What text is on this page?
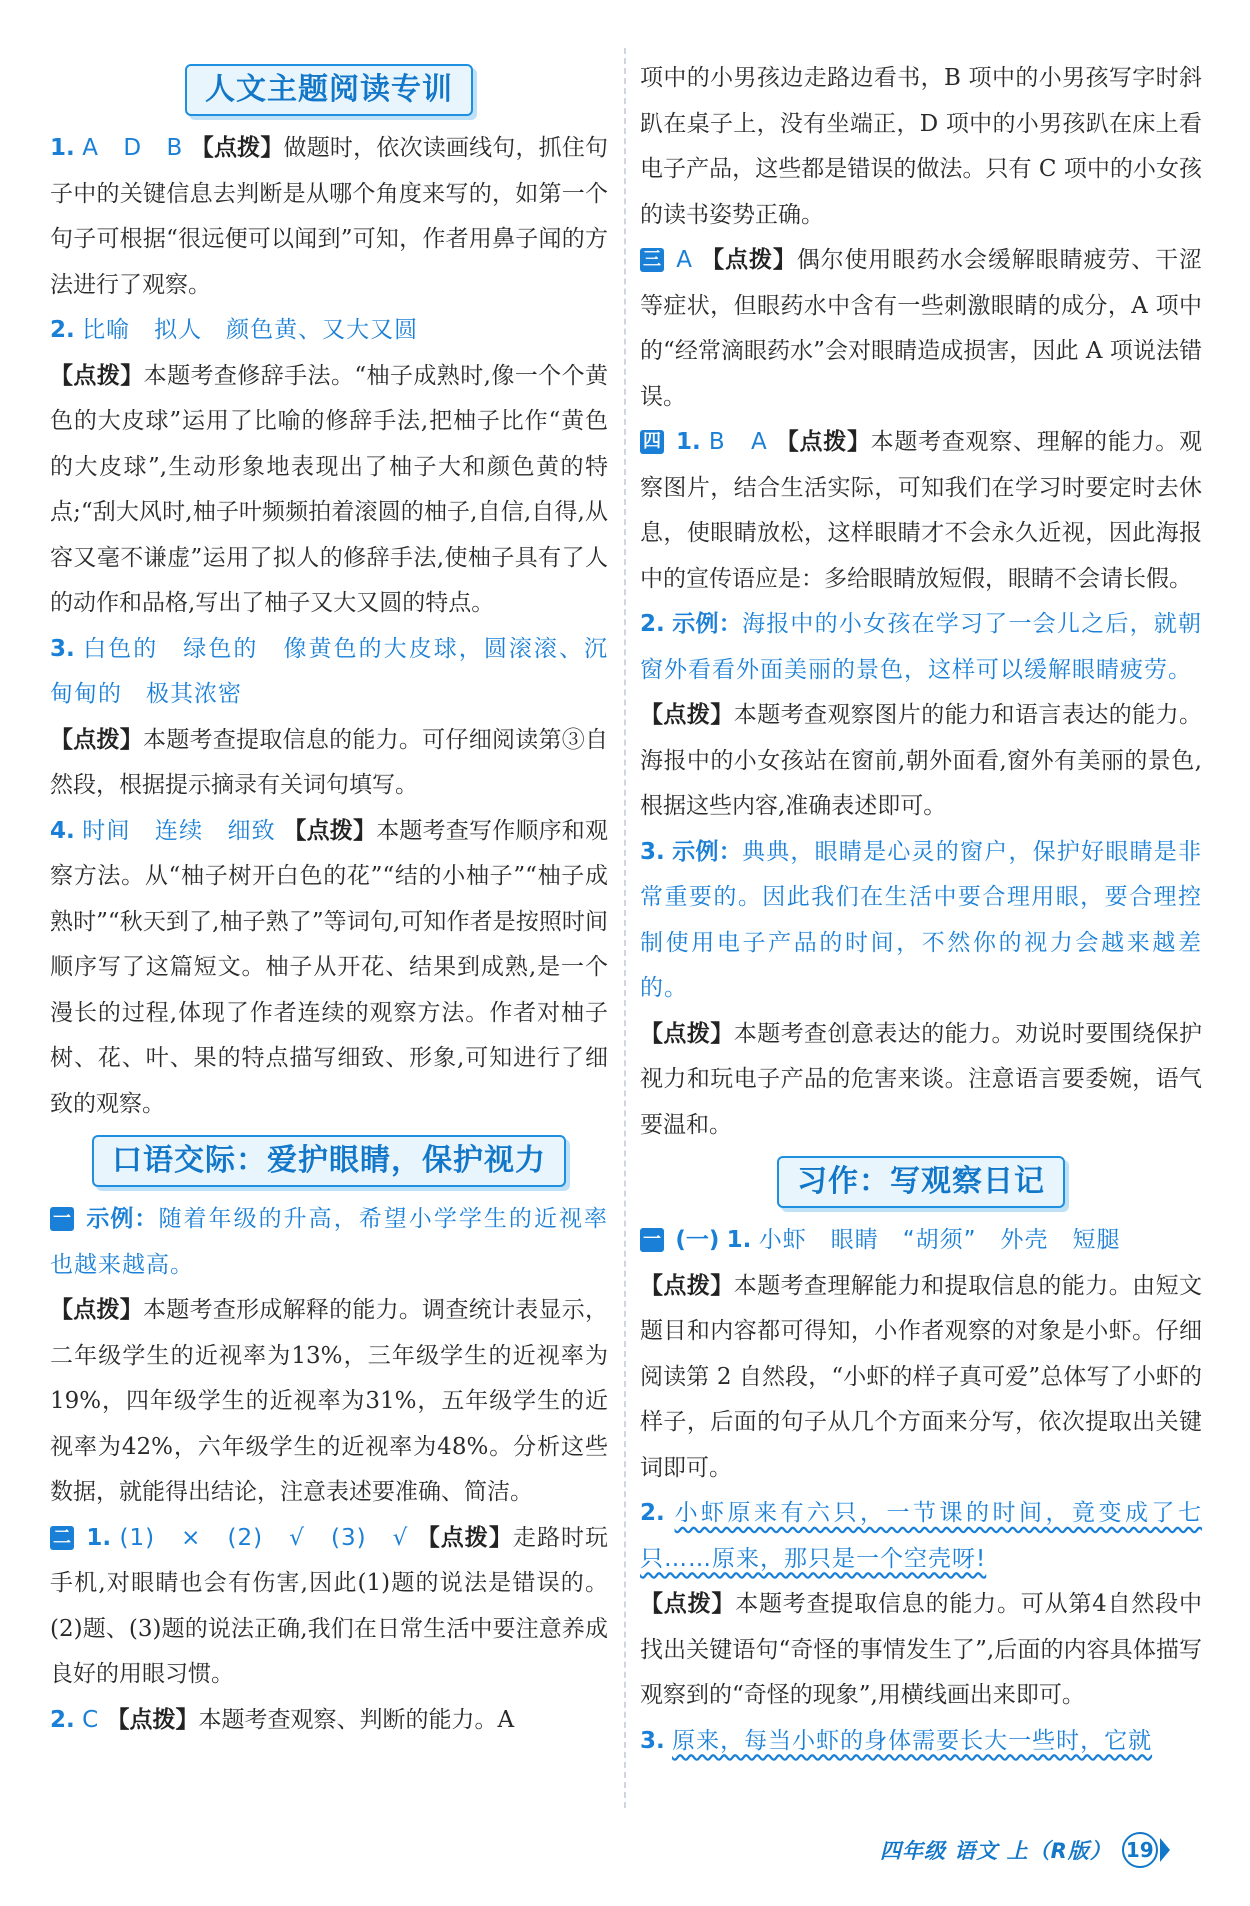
人文主题阅读专训

1. A　D　B 【点拨】做题时，依次读画线句，抓住句子中的关键信息去判断是从哪个角度来写的，如第一个句子可根据“很远便可以闻到”可知，作者用鼻子闻的方法进行了观察。

2. 比喻　拟人　颜色黄、又大又圆

【点拨】本题考查修辞手法。“柚子成熟时,像一个个黄色的大皮球”运用了比喻的修辞手法,把柚子比作“黄色的大皮球”,生动形象地表现出了柚子大和颜色黄的特点;“刮大风时,柚子叶频频拍着滚圆的柚子,自信,自得,从容又毫不谦虚”运用了拟人的修辞手法,使柚子具有了人的动作和品格,写出了柚子又大又圆的特点。

3. 白色的　绿色的　像黄色的大皮球，圆滚滚、沉甸甸的　极其浓密

【点拨】本题考查提取信息的能力。可仔细阅读第③自然段，根据提示摘录有关词句填写。

4. 时间　连续　细致 【点拨】本题考查写作顺序和观察方法。从“柚子树开白色的花”“结的小柚子”“柚子成熟时”“秋天到了,柚子熟了”等词句,可知作者是按照时间顺序写了这篇短文。柚子从开花、结果到成熟,是一个漫长的过程,体现了作者连续的观察方法。作者对柚子树、花、叶、果的特点描写细致、形象,可知进行了细致的观察。

口语交际：爱护眼睛，保护视力

一 示例：随着年级的升高，希望小学学生的近视率也越来越高。

【点拨】本题考查形成解释的能力。调查统计表显示，二年级学生的近视率为13%，三年级学生的近视率为19%，四年级学生的近视率为31%，五年级学生的近视率为42%，六年级学生的近视率为48%。分析这些数据，就能得出结论，注意表述要准确、简洁。

二 1. (1)　×　(2)　√　(3)　√ 【点拨】走路时玩手机,对眼睛也会有伤害,因此(1)题的说法是错误的。(2)题、(3)题的说法正确,我们在日常生活中要注意养成良好的用眼习惯。

2. C 【点拨】本题考查观察、判断的能力。A

项中的小男孩边走路边看书，B 项中的小男孩写字时斜趴在桌子上，没有坐端正，D 项中的小男孩趴在床上看电子产品，这些都是错误的做法。只有 C 项中的小女孩的读书姿势正确。

三 A 【点拨】偶尔使用眼药水会缓解眼睛疲劳、干涩等症状，但眼药水中含有一些刺激眼睛的成分，A 项中的“经常滴眼药水”会对眼睛造成损害，因此 A 项说法错误。

四 1. B　A 【点拨】本题考查观察、理解的能力。观察图片，结合生活实际，可知我们在学习时要定时去休息，使眼睛放松，这样眼睛才不会永久近视，因此海报中的宣传语应是：多给眼睛放短假，眼睛不会请长假。

2. 示例：海报中的小女孩在学习了一会儿之后，就朝窗外看看外面美丽的景色，这样可以缓解眼睛疲劳。

【点拨】本题考查观察图片的能力和语言表达的能力。海报中的小女孩站在窗前,朝外面看,窗外有美丽的景色,根据这些内容,准确表述即可。

3. 示例：典典，眼睛是心灵的窗户，保护好眼睛是非常重要的。因此我们在生活中要合理用眼，要合理控制使用电子产品的时间，不然你的视力会越来越差的。

【点拨】本题考查创意表达的能力。劝说时要围绕保护视力和玩电子产品的危害来谈。注意语言要委婉，语气要温和。

习作：写观察日记

一 (一) 1. 小虾　眼睛　“胡须”　外壳　短腿

【点拨】本题考查理解能力和提取信息的能力。由短文题目和内容都可得知，小作者观察的对象是小虾。仔细阅读第 2 自然段，“小虾的样子真可爱”总体写了小虾的样子，后面的句子从几个方面来分写，依次提取出关键词即可。

2. 小虾原来有六只，一节课的时间，竟变成了七只……原来，那只是一个空壳呀!

【点拨】本题考查提取信息的能力。可从第4自然段中找出关键语句“奇怪的事情发生了”,后面的内容具体描写观察到的“奇怪的现象”,用横线画出来即可。

3. 原来，每当小虾的身体需要长大一些时，它就

四年级 语文 上（R版） 19
